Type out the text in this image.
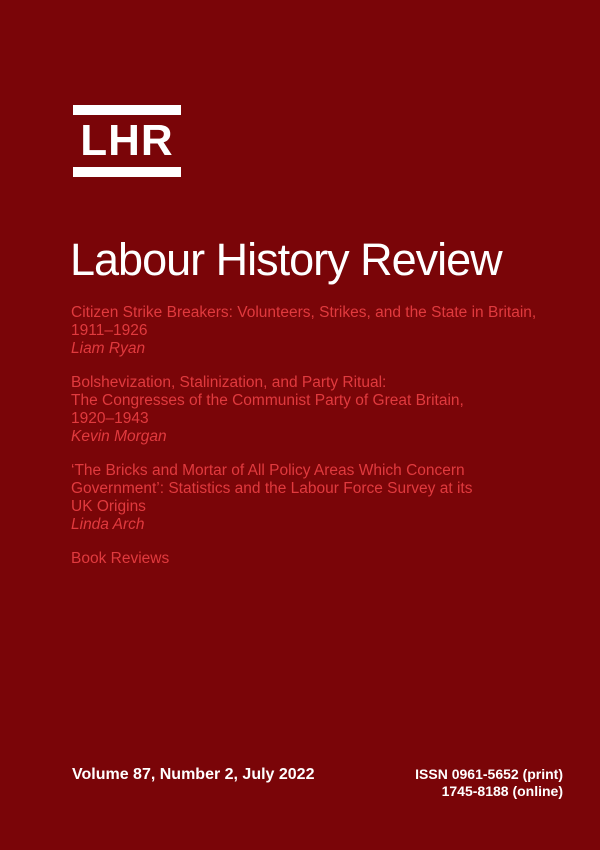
LHR
Labour History Review
Citizen Strike Breakers: Volunteers, Strikes, and the State in Britain,
1911–1926
Liam Ryan
Bolshevization, Stalinization, and Party Ritual:
The Congresses of the Communist Party of Great Britain,
1920–1943
Kevin Morgan
‘The Bricks and Mortar of All Policy Areas Which Concern
Government’: Statistics and the Labour Force Survey at its
UK Origins
Linda Arch
Book Reviews
Volume 87, Number 2, July 2022	ISSN 0961-5652 (print)
1745-8188 (online)
